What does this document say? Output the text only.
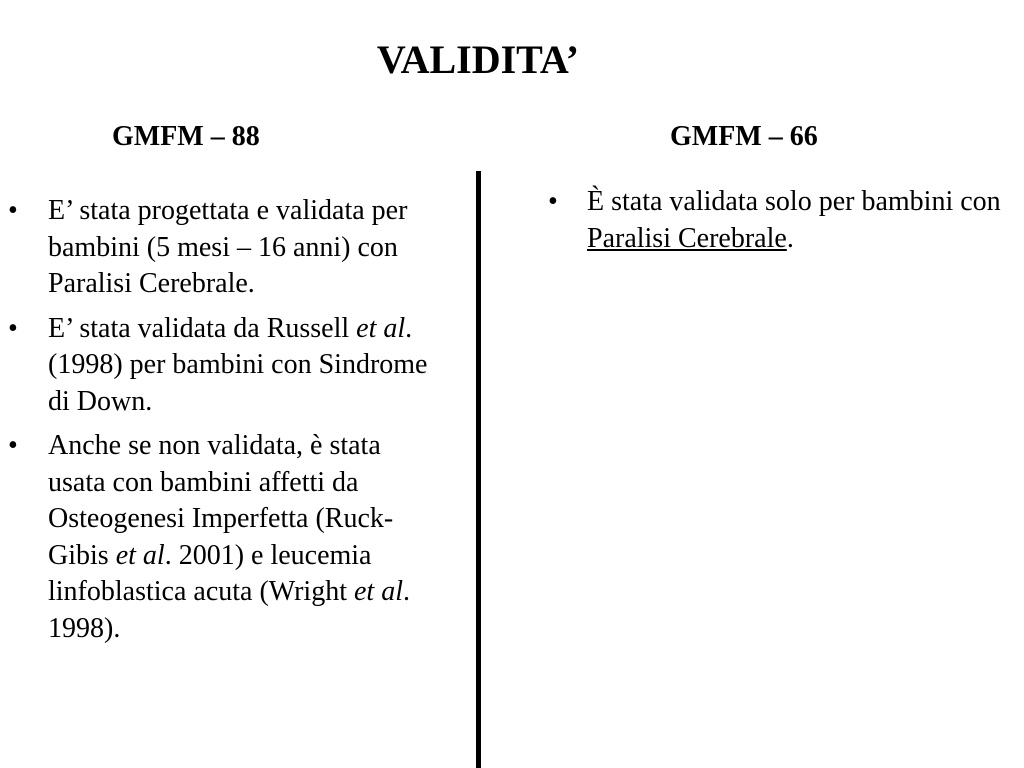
VALIDITA’
GMFM – 88	GMFM – 66
•	E’ stata progettata e validata per bambini (5 mesi – 16 anni) con Paralisi Cerebrale.
•	E’ stata validata da Russell et al. (1998) per bambini con Sindrome di Down.
•	Anche se non validata, è stata usata con bambini affetti da Osteogenesi Imperfetta (Ruck-Gibis et al. 2001) e leucemia linfoblastica acuta (Wright et al. 1998).
•	È stata validata solo per bambini con Paralisi Cerebrale.
